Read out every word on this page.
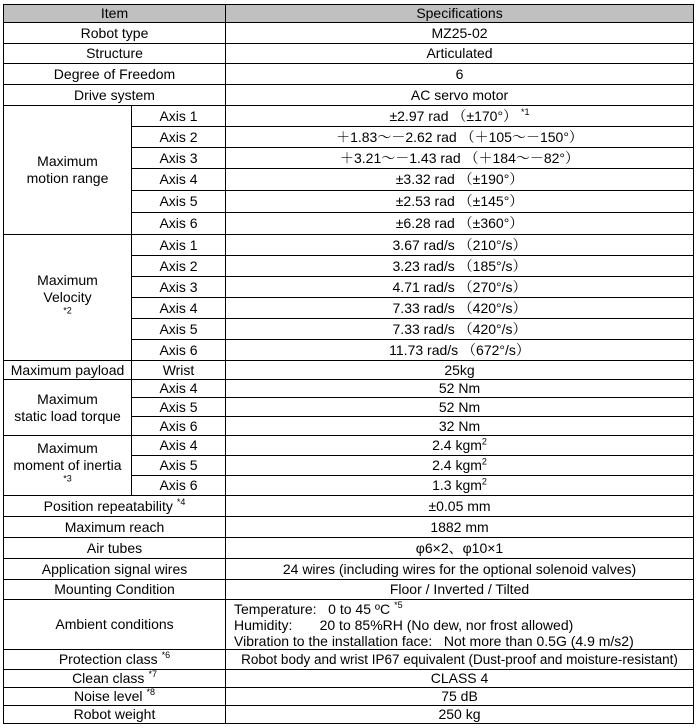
Item		Specifications
Robot type		MZ25-02
Structure		Articulated
Degree of Freedom		6
Drive system		AC servo motor
Maximum
motion range	Axis 1	±2.97 rad （±170°） $^{*1}$
	Axis 2	＋1.83～－2.62 rad （＋105～－150°）
	Axis 3	＋3.21～－1.43 rad （＋184～－82°）
	Axis 4	±3.32 rad （±190°）
	Axis 5	±2.53 rad （±145°）
	Axis 6	±6.28 rad （±360°）
Maximum
Velocity
$^{*2}$	Axis 1	3.67 rad/s （210°/s）
	Axis 2	3.23 rad/s （185°/s）
	Axis 3	4.71 rad/s （270°/s）
	Axis 4	7.33 rad/s （420°/s）
	Axis 5	7.33 rad/s （420°/s）
	Axis 6	11.73 rad/s （672°/s）
Maximum payload	Wrist	25kg
Maximum
static load torque	Axis 4	52 Nm
	Axis 5	52 Nm
	Axis 6	32 Nm
Maximum
moment of inertia
$^{*3}$	Axis 4	2.4 kgm$^2$
	Axis 5	2.4 kgm$^2$
	Axis 6	1.3 kgm$^2$
Position repeatability $^{*4}$		±0.05 mm
Maximum reach		1882 mm
Air tubes		φ6×2、φ10×1
Application signal wires		24 wires (including wires for the optional solenoid valves)
Mounting Condition		Floor / Inverted / Tilted
Ambient conditions		Temperature:   0 to 45 ºC $^{*5}$
Humidity:       20 to 85%RH (No dew, nor frost allowed)
Vibration to the installation face:   Not more than 0.5G (4.9 m/s2)

Protection class $^{*6}$		Robot body and wrist IP67 equivalent (Dust-proof and moisture-resistant)
Clean class $^{*7}$		CLASS 4
Noise level $^{*8}$		75 dB
Robot weight		250 kg
